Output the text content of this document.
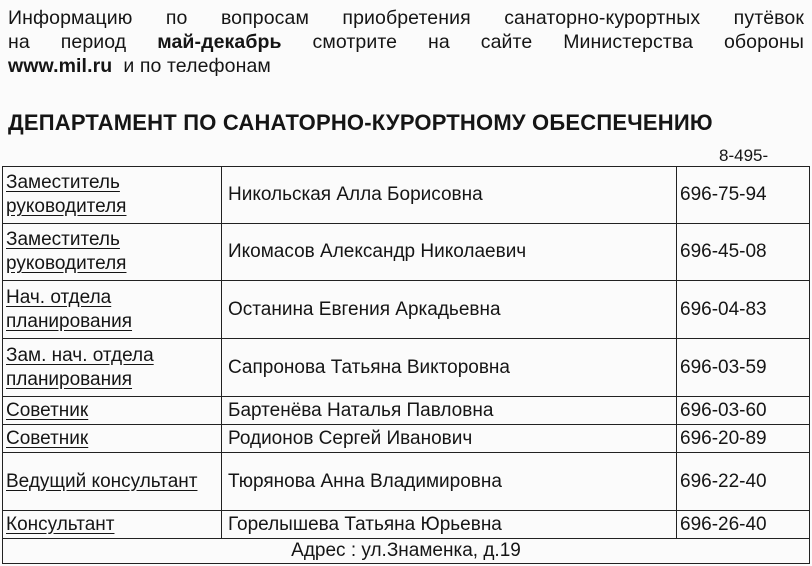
Информацию по вопросам приобретения санаторно-курортных путёвок
на период май-декабрь смотрите на сайте Министерства обороны
www.mil.ru и по телефонам
ДЕПАРТАМЕНТ ПО САНАТОРНО-КУРОРТНОМУ ОБЕСПЕЧЕНИЮ
8-495-
Заместитель руководителя	Никольская Алла Борисовна	696-75-94
Заместитель руководителя	Икомасов Александр Николаевич	696-45-08
Нач. отдела планирования	Останина Евгения Аркадьевна	696-04-83
Зам. нач. отдела планирования	Сапронова Татьяна Викторовна	696-03-59
Советник	Бартенёва Наталья Павловна	696-03-60
Советник	Родионов Сергей Иванович	696-20-89
Ведущий консультант	Тюрянова Анна Владимировна	696-22-40
Консультант	Горелышева Татьяна Юрьевна	696-26-40
Адрес : ул.Знаменка, д.19
